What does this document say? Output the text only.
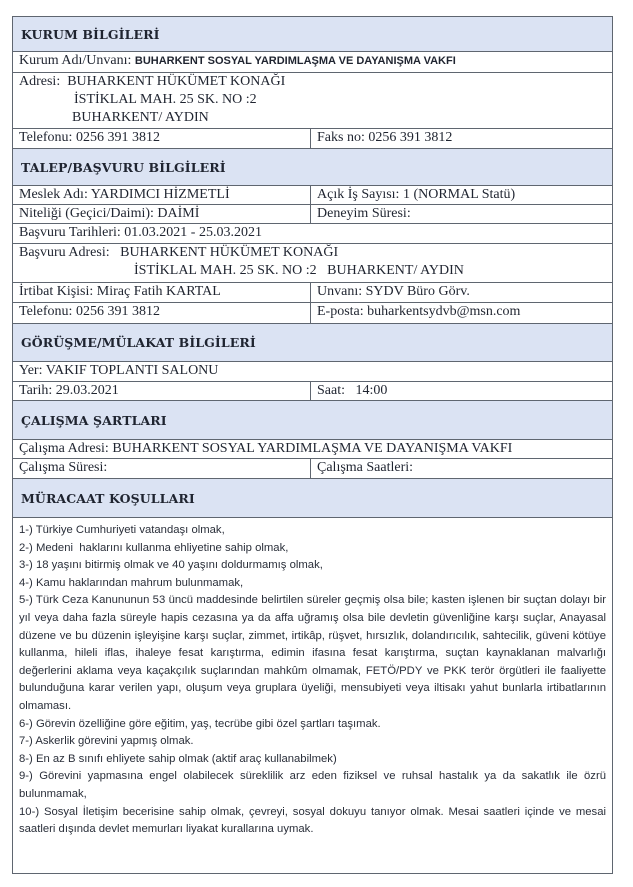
KURUM BİLGİLERİ
Kurum Adı/Unvanı: BUHARKENT SOSYAL YARDIMLAŞMA VE DAYANIŞMA VAKFI
Adresi: BUHARKENT HÜKÜMET KONAĞI
İSTİKLAL MAH. 25 SK. NO :2
BUHARKENT/ AYDIN
Telefonu: 0256 391 3812	Faks no: 0256 391 3812
TALEP/BAŞVURU BİLGİLERİ
Meslek Adı: YARDIMCI HİZMETLİ	Açık İş Sayısı: 1 (NORMAL Statü)
Niteliği (Geçici/Daimi): DAİMİ	Deneyim Süresi:
Başvuru Tarihleri: 01.03.2021 - 25.03.2021
Başvuru Adresi: BUHARKENT HÜKÜMET KONAĞI
İSTİKLAL MAH. 25 SK. NO :2   BUHARKENT/ AYDIN
İrtibat Kişisi: Miraç Fatih KARTAL	Unvanı: SYDV Büro Görv.
Telefonu: 0256 391 3812	E-posta: buharkentsydvb@msn.com
GÖRÜŞME/MÜLAKAT BİLGİLERİ
Yer: VAKIF TOPLANTI SALONU
Tarih: 29.03.2021	Saat:   14:00
ÇALIŞMA ŞARTLARI
Çalışma Adresi: BUHARKENT SOSYAL YARDIMLAŞMA VE DAYANIŞMA VAKFI
Çalışma Süresi:	Çalışma Saatleri:
MÜRACAAT KOŞULLARI

1-) Türkiye Cumhuriyeti vatandaşı olmak,

2-) Medeni  haklarını kullanma ehliyetine sahip olmak,

3-) 18 yaşını bitirmiş olmak ve 40 yaşını doldurmamış olmak,

4-) Kamu haklarından mahrum bulunmamak,

5-) Türk Ceza Kanununun 53 üncü maddesinde belirtilen süreler geçmiş olsa bile; kasten işlenen bir suçtan dolayı bir yıl veya daha fazla süreyle hapis cezasına ya da affa uğramış olsa bile devletin güvenliğine karşı suçlar, Anayasal düzene ve bu düzenin işleyişine karşı suçlar, zimmet, irtikâp, rüşvet, hırsızlık, dolandırıcılık, sahtecilik, güveni kötüye kullanma, hileli iflas, ihaleye fesat karıştırma, edimin ifasına fesat karıştırma, suçtan kaynaklanan malvarlığı değerlerini aklama veya kaçakçılık suçlarından mahkûm olmamak, FETÖ/PDY ve PKK terör örgütleri ile faaliyette bulunduğuna karar verilen yapı, oluşum veya gruplara üyeliği, mensubiyeti veya iltisakı yahut bunlarla irtibatlarının olmaması.

6-) Görevin özelliğine göre eğitim, yaş, tecrübe gibi özel şartları taşımak.

7-) Askerlik görevini yapmış olmak.

8-) En az B sınıfı ehliyete sahip olmak (aktif araç kullanabilmek)

9-) Görevini yapmasına engel olabilecek süreklilik arz eden fiziksel ve ruhsal hastalık ya da sakatlık ile özrü bulunmamak,

10-) Sosyal İletişim becerisine sahip olmak, çevreyi, sosyal dokuyu tanıyor olmak. Mesai saatleri içinde ve mesai saatleri dışında devlet memurları liyakat kurallarına uymak.
